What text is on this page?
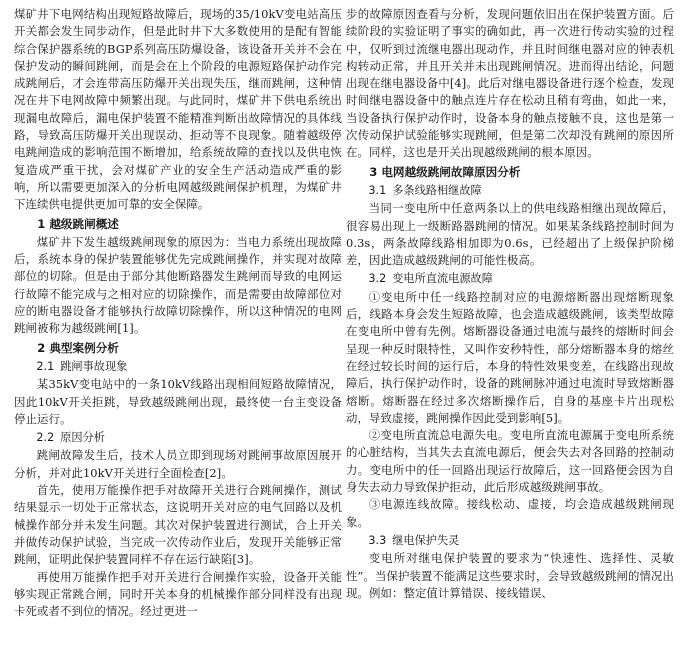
煤矿井下电网结构出现短路故障后，现场的35/10kV变电站高压开关都会发生同步动作，但是此时井下大多数使用的是配有智能综合保护器系统的BGP系列高压防爆设备，该设备开关并不会在保护发动的瞬间跳闸，而是会在上个阶段的电源短路保护动作完成跳闸后，才会连带高压防爆开关出现失压，继而跳闸，这种情况在井下电网故障中频繁出现。与此同时，煤矿井下供电系统出现漏电故障后，漏电保护装置不能精准判断出故障情况的具体线路，导致高压防爆开关出现误动、拒动等不良现象。随着越级停电跳闸造成的影响范围不断增加，给系统故障的查找以及供电恢复造成严重干扰，会对煤矿产业的安全生产活动造成严重的影响，所以需要更加深入的分析电网越级跳闸保护机理，为煤矿井下连续供电提供更加可靠的安全保障。

1 越级跳闸概述

煤矿井下发生越级跳闸现象的原因为：当电力系统出现故障后，系统本身的保护装置能够优先完成跳闸操作，并实现对故障部位的切除。但是由于部分其他断路器发生跳闸而导致的电网运行故障不能完成与之相对应的切除操作，而是需要由故障部位对应的断电器设备才能够执行故障切除操作，所以这种情况的电网跳闸被称为越级跳闸[1]。

2 典型案例分析
2.1 跳闸事故现象

某35kV变电站中的一条10kV线路出现相间短路故障情况，因此10kV开关拒跳，导致越级跳闸出现，最终使一台主变设备停止运行。

2.2 原因分析

跳闸故障发生后，技术人员立即到现场对跳闸事故原因展开分析，并对此10kV开关进行全面检查[2]。

首先，使用万能操作把手对故障开关进行合跳闸操作，测试结果显示一切处于正常状态，这说明开关对应的电气回路以及机械操作部分并未发生问题。其次对保护装置进行测试，合上开关并做传动保护试验，当完成一次传动作业后，发现开关能够正常跳闸，证明此保护装置同样不存在运行缺陷[3]。

再使用万能操作把手对开关进行合闸操作实验，设备开关能够实现正常跳合闸，同时开关本身的机械操作部分同样没有出现卡死或者不到位的情况。经过更进一

步的故障原因查看与分析，发现问题依旧出在保护装置方面。后续阶段的实验证明了事实的确如此，再一次进行传动实验的过程中，仅听到过流继电器出现动作，并且时间继电器对应的钟表机构转动正常，并且开关并未出现跳闸情况。进而得出结论，问题出现在继电器设备中[4]。此后对继电器设备进行逐个检查，发现时间继电器设备中的触点连片存在松动且稍有弯曲，如此一来，当设备执行保护动作时，设备本身的触点接触不良，这也是第一次传动保护试验能够实现跳闸，但是第二次却没有跳闸的原因所在。同样，这也是开关出现越级跳闸的根本原因。

3 电网越级跳闸故障原因分析
3.1 多条线路相继故障

当同一变电所中任意两条以上的供电线路相继出现故障后，很容易出现上一级断路器跳闸的情况。如果某条线路控制时间为0.3s，两条故障线路相加即为0.6s，已经超出了上级保护阶梯差，因此造成越级跳闸的可能性极高。

3.2 变电所直流电源故障

①变电所中任一线路控制对应的电源熔断器出现熔断现象后，线路本身会发生短路故障，也会造成越级跳闸，该类型故障在变电所中曾有先例。熔断器设备通过电流与最终的熔断时间会呈现一种反时限特性，又叫作安秒特性，部分熔断器本身的熔丝在经过较长时间的运行后，本身的特性效果变差，在线路出现故障后，执行保护动作时，设备的跳闸脉冲通过电流时导致熔断器熔断。熔断器在经过多次熔断操作后，自身的基座卡片出现松动，导致虚接，跳闸操作因此受到影响[5]。

②变电所直流总电源失电。变电所直流电源属于变电所系统的心脏结构，当其失去直流电源后，便会失去对各回路的控制动力。变电所中的任一回路出现运行故障后，这一回路便会因为自身失去动力导致保护拒动，此后形成越级跳闸事故。

③电源连线故障。接线松动、虚接，均会造成越级跳闸现象。

3.3 继电保护失灵

变电所对继电保护装置的要求为“快速性、选择性、灵敏性”。当保护装置不能满足这些要求时，会导致越级跳闸的情况出现。例如：整定值计算错误、接线错误、
